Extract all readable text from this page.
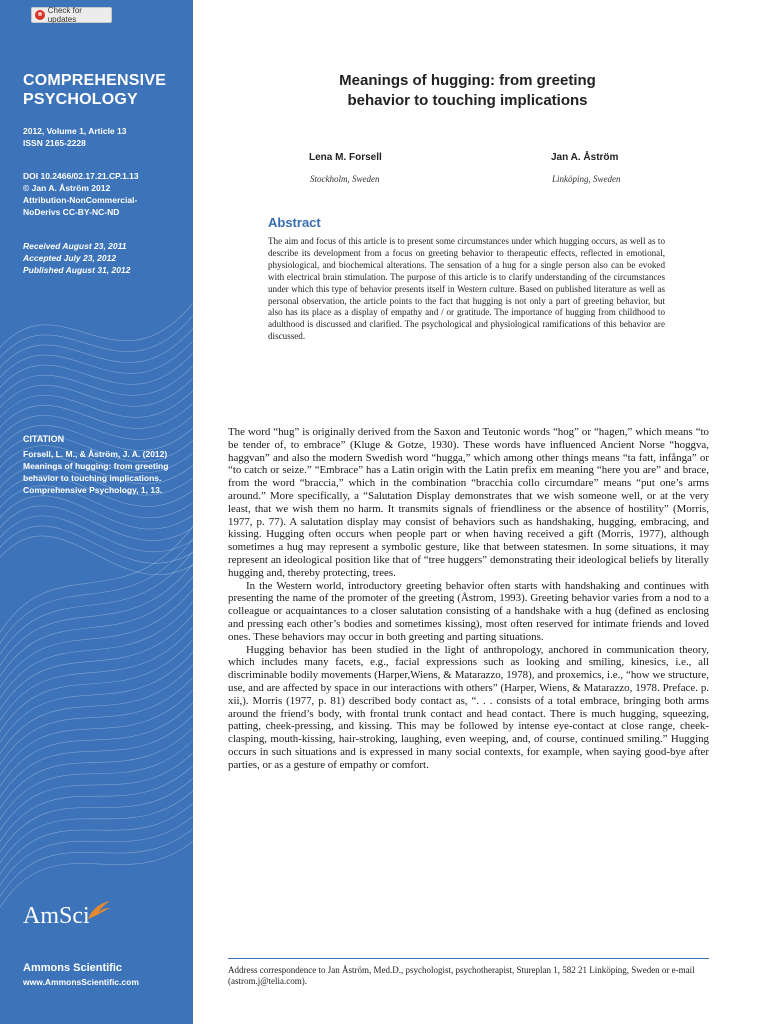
Check for updates
COMPREHENSIVE
PSYCHOLOGY
2012, Volume 1, Article 13
ISSN 2165-2228
DOI 10.2466/02.17.21.CP.1.13
© Jan A. Åström 2012
Attribution-NonCommercial-
NoDerivs CC-BY-NC-ND
Received August 23, 2011
Accepted July 23, 2012
Published August 31, 2012
CITATION
Forsell, L. M., & Åström, J. A. (2012) Meanings of hugging: from greeting behavior to touching implications. Comprehensive Psychology, 1, 13.
AmSci
Ammons Scientific
www.AmmonsScientific.com
Meanings of hugging: from greeting
behavior to touching implications
Lena M. Forsell
Stockholm, Sweden
Jan A. Åström
Linköping, Sweden
Abstract
The aim and focus of this article is to present some circumstances under which hugging occurs, as well as to describe its development from a focus on greeting behavior to therapeutic effects, reflected in emotional, physiological, and biochemical alterations. The sensation of a hug for a single person also can be evoked with electrical brain stimulation. The purpose of this article is to clarify understanding of the circumstances under which this type of behavior presents itself in Western culture. Based on published literature as well as personal observation, the article points to the fact that hugging is not only a part of greeting behavior, but also has its place as a display of empathy and / or gratitude. The importance of hugging from childhood to adulthood is discussed and clarified. The psychological and physiological ramifications of this behavior are discussed.

The word “hug” is originally derived from the Saxon and Teutonic words “hog” or “hagen,” which means “to be tender of, to embrace” (Kluge & Gotze, 1930). These words have influenced Ancient Norse “hoggva, haggvan” and also the modern Swedish word “hugga,” which among other things means “ta fatt, infånga” or “to catch or seize.” “Embrace” has a Latin origin with the Latin prefix em meaning “here you are” and brace, from the word “braccia,” which in the combination “bracchia collo circumdare” means “put one’s arms around.” More specifically, a “Salutation Display demonstrates that we wish someone well, or at the very least, that we wish them no harm. It transmits signals of friendliness or the absence of hostility” (Morris, 1977, p. 77). A salutation display may consist of behaviors such as handshaking, hugging, embracing, and kissing. Hugging often occurs when people part or when having received a gift (Morris, 1977), although sometimes a hug may represent a symbolic gesture, like that between statesmen. In some situations, it may represent an ideological position like that of “tree huggers” demonstrating their ideological beliefs by literally hugging and, thereby protecting, trees.

In the Western world, introductory greeting behavior often starts with handshaking and continues with presenting the name of the promoter of the greeting (Åstrom, 1993). Greeting behavior varies from a nod to a colleague or acquaintances to a closer salutation consisting of a handshake with a hug (defined as enclosing and pressing each other’s bodies and sometimes kissing), most often reserved for intimate friends and loved ones. These behaviors may occur in both greeting and parting situations.

Hugging behavior has been studied in the light of anthropology, anchored in communication theory, which includes many facets, e.g., facial expressions such as looking and smiling, kinesics, i.e., all discriminable bodily movements (Harper,Wiens, & Matarazzo, 1978), and proxemics, i.e., “how we structure, use, and are affected by space in our interactions with others” (Harper, Wiens, & Matarazzo, 1978. Preface. p. xii,). Morris (1977, p. 81) described body contact as, “. . . consists of a total embrace, bringing both arms around the friend’s body, with frontal trunk contact and head contact. There is much hugging, squeezing, patting, cheek-pressing, and kissing. This may be followed by intense eye-contact at close range, cheek-clasping, mouth-kissing, hair-stroking, laughing, even weeping, and, of course, continued smiling.” Hugging occurs in such situations and is expressed in many social contexts, for example, when saying good-bye after parties, or as a gesture of empathy or comfort.

Address correspondence to Jan Åström, Med.D., psychologist, psychotherapist, Stureplan 1, 582 21 Linköping, Sweden or e-mail (astrom.j@telia.com).
